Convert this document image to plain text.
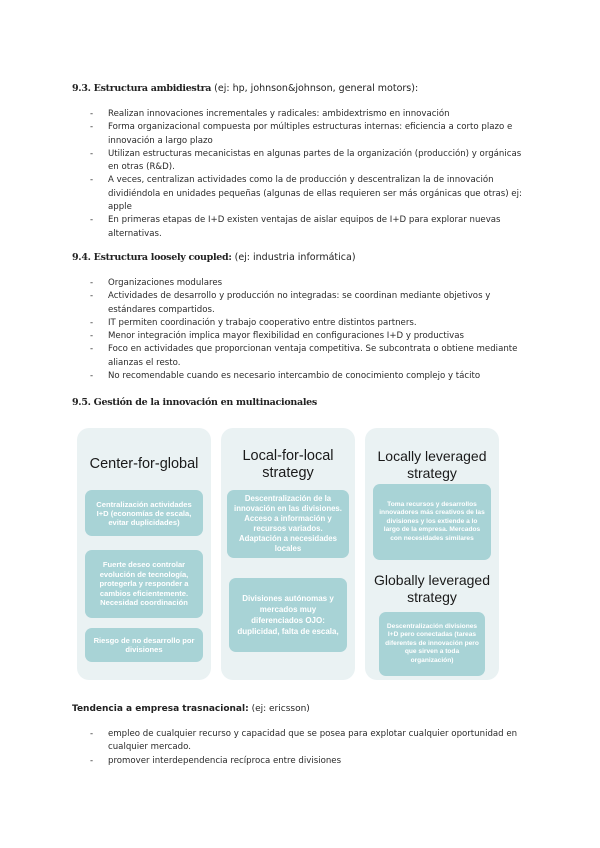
9.3. Estructura ambidiestra (ej: hp, johnson&johnson, general motors):
- Realizan innovaciones incrementales y radicales: ambidextrismo en innovación
- Forma organizacional compuesta por múltiples estructuras internas: eficiencia a corto plazo e innovación a largo plazo
- Utilizan estructuras mecanicistas en algunas partes de la organización (producción) y orgánicas en otras (R&D).
- A veces, centralizan actividades como la de producción y descentralizan la de innovación dividiéndola en unidades pequeñas (algunas de ellas requieren ser más orgánicas que otras) ej: apple
- En primeras etapas de I+D existen ventajas de aislar equipos de I+D para explorar nuevas alternativas.
9.4. Estructura loosely coupled: (ej: industria informática)
- Organizaciones modulares
- Actividades de desarrollo y producción no integradas: se coordinan mediante objetivos y estándares compartidos.
- IT permiten coordinación y trabajo cooperativo entre distintos partners.
- Menor integración implica mayor flexibilidad en configuraciones I+D y productivas
- Foco en actividades que proporcionan ventaja competitiva. Se subcontrata o obtiene mediante alianzas el resto.
- No recomendable cuando es necesario intercambio de conocimiento complejo y tácito
9.5. Gestión de la innovación en multinacionales
Center-for-global
Centralización actividades I+D (economías de escala, evitar duplicidades)
Fuerte deseo controlar evolución de tecnología, protegerla y responder a cambios eficientemente. Necesidad coordinación
Riesgo de no desarrollo por divisiones
Local-for-local strategy
Descentralización de la innovación en las divisiones. Acceso a información y recursos variados. Adaptación a necesidades locales
Divisiones autónomas y mercados muy diferenciados OJO: duplicidad, falta de escala,
Locally leveraged strategy
Toma recursos y desarrollos innovadores más creativos de las divisiones y los extiende a lo largo de la empresa. Mercados con necesidades similares
Globally leveraged strategy
Descentralización divisiones I+D pero conectadas (tareas diferentes de innovación pero que sirven a toda organización)
Tendencia a empresa trasnacional: (ej: ericsson)
- empleo de cualquier recurso y capacidad que se posea para explotar cualquier oportunidad en cualquier mercado.
- promover interdependencia recíproca entre divisiones
